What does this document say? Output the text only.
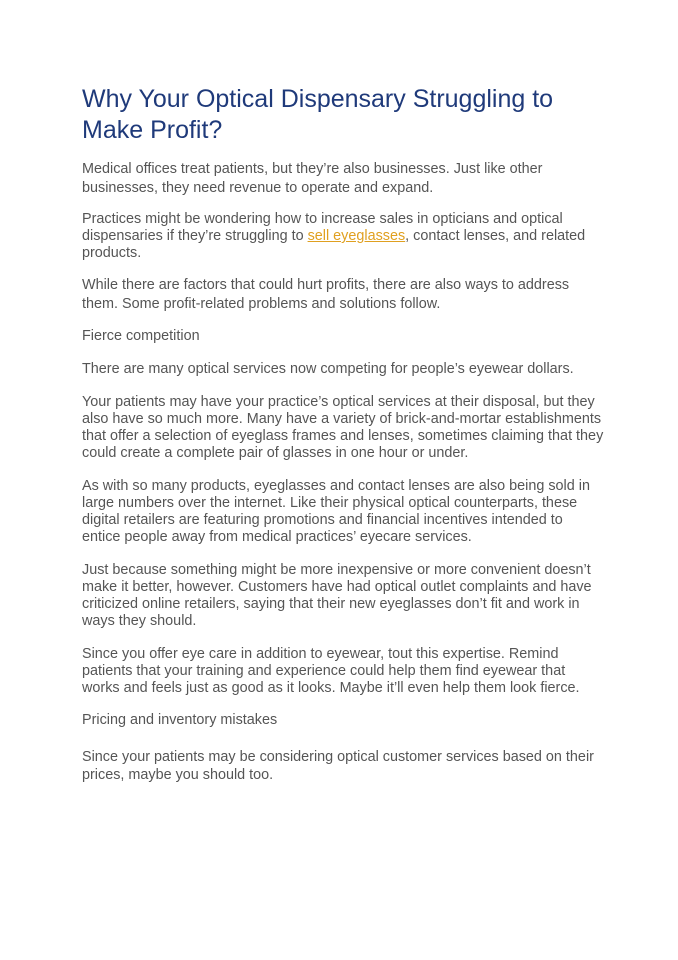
Why Your Optical Dispensary Struggling to Make Profit?

Medical offices treat patients, but they’re also businesses. Just like other businesses, they need revenue to operate and expand.

Practices might be wondering how to increase sales in opticians and optical dispensaries if they’re struggling to sell eyeglasses, contact lenses, and related products.

While there are factors that could hurt profits, there are also ways to address them. Some profit-related problems and solutions follow.

Fierce competition

There are many optical services now competing for people’s eyewear dollars.

Your patients may have your practice’s optical services at their disposal, but they also have so much more. Many have a variety of brick-and-mortar establishments that offer a selection of eyeglass frames and lenses, sometimes claiming that they could create a complete pair of glasses in one hour or under.

As with so many products, eyeglasses and contact lenses are also being sold in large numbers over the internet. Like their physical optical counterparts, these digital retailers are featuring promotions and financial incentives intended to entice people away from medical practices’ eyecare services.

Just because something might be more inexpensive or more convenient doesn’t make it better, however. Customers have had optical outlet complaints and have criticized online retailers, saying that their new eyeglasses don’t fit and work in ways they should.

Since you offer eye care in addition to eyewear, tout this expertise. Remind patients that your training and experience could help them find eyewear that works and feels just as good as it looks. Maybe it’ll even help them look fierce.

Pricing and inventory mistakes

Since your patients may be considering optical customer services based on their prices, maybe you should too.
